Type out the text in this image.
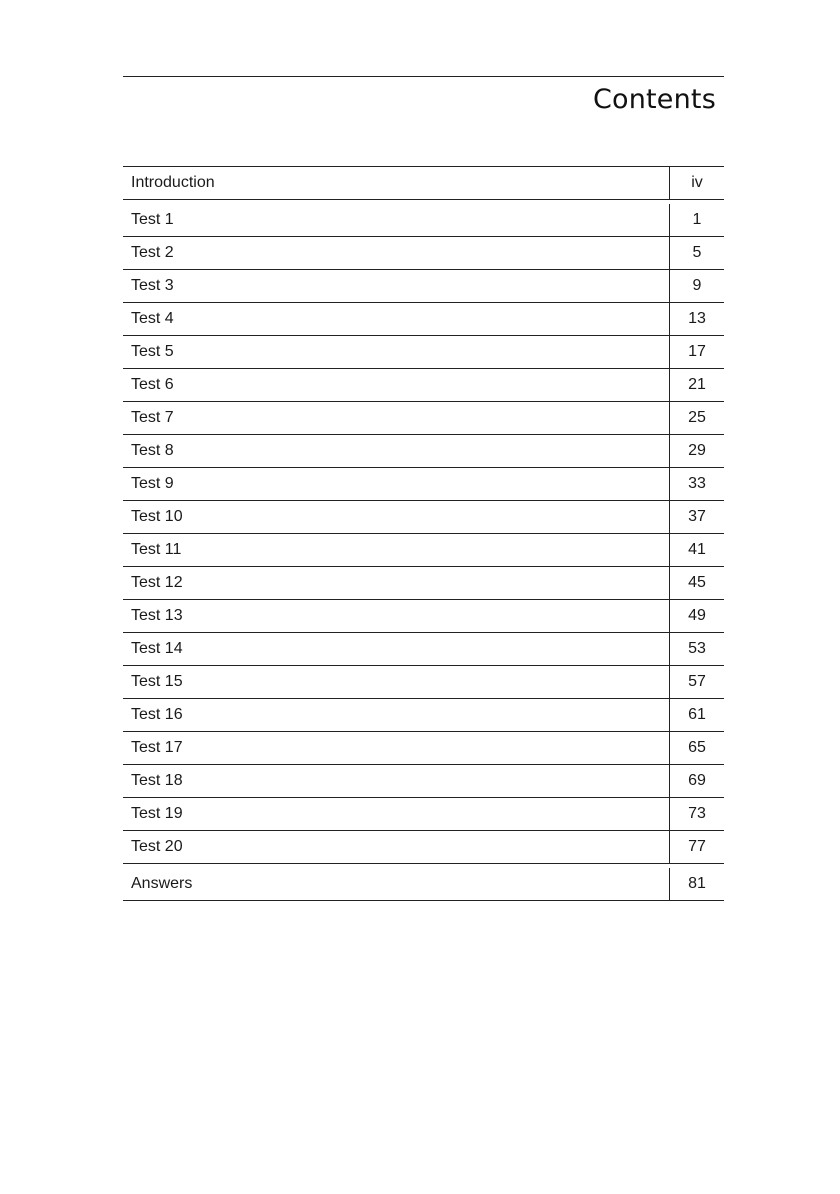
Contents
Introduction	iv
Test 1	1
Test 2	5
Test 3	9
Test 4	13
Test 5	17
Test 6	21
Test 7	25
Test 8	29
Test 9	33
Test 10	37
Test 11	41
Test 12	45
Test 13	49
Test 14	53
Test 15	57
Test 16	61
Test 17	65
Test 18	69
Test 19	73
Test 20	77
Answers	81
